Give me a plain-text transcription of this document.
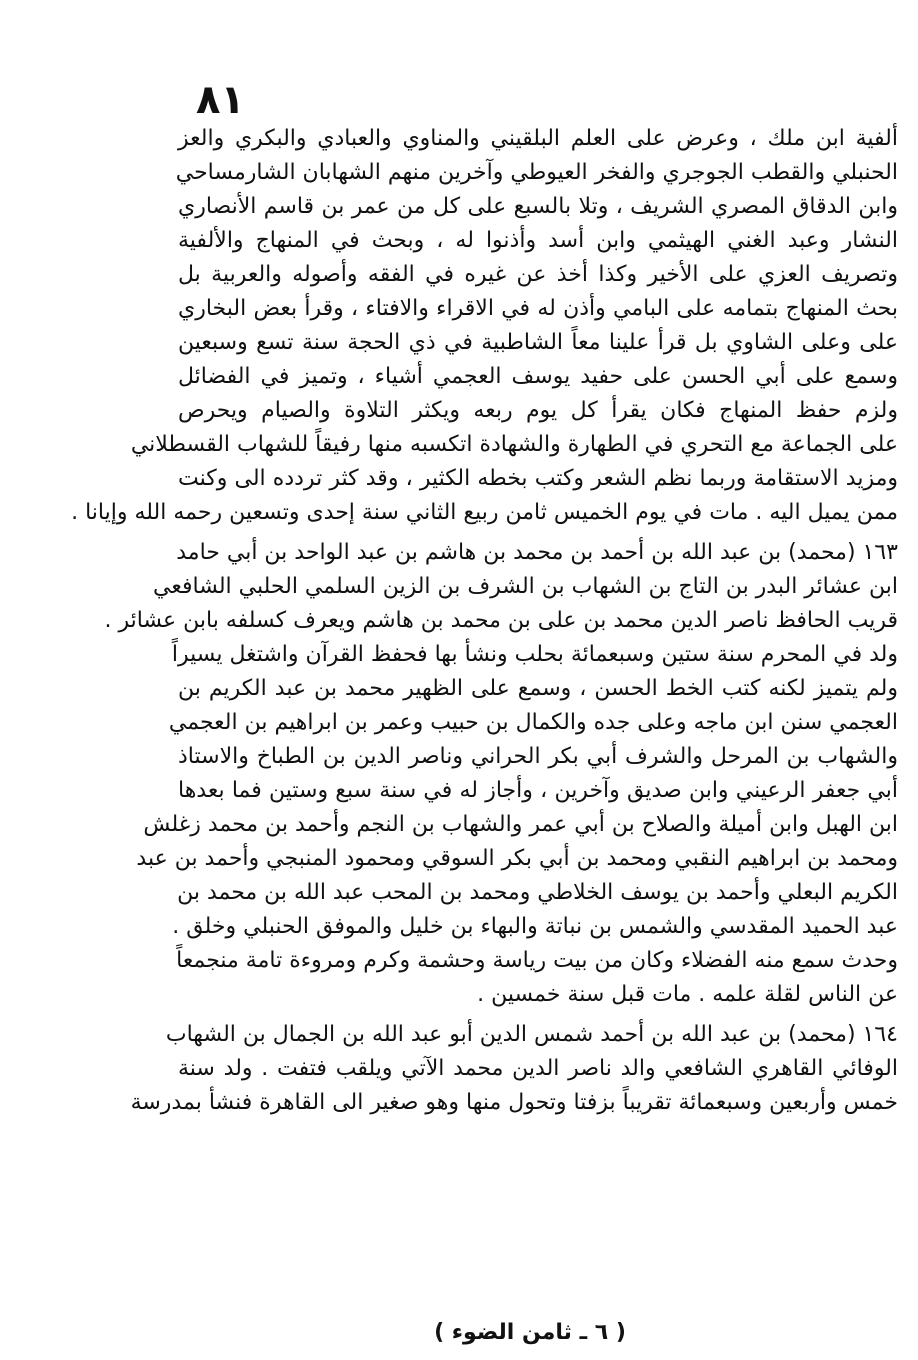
٨١
ألفية ابن ملك ، وعرض على العلم البلقيني والمناوي والعبادي والبكري والعز
الحنبلي والقطب الجوجري والفخر العيوطي وآخرين منهم الشهابان الشارمساحي
وابن الدقاق المصري الشريف ، وتلا بالسبع على كل من عمر بن قاسم الأنصاري
النشار وعبد الغني الهيثمي وابن أسد وأذنوا له ، وبحث في المنهاج والألفية
وتصريف العزي على الأخير وكذا أخذ عن غيره في الفقه وأصوله والعربية بل
بحث المنهاج بتمامه على البامي وأذن له في الاقراء والافتاء ، وقرأ بعض البخاري
على وعلى الشاوي بل قرأ علينا معاً الشاطبية في ذي الحجة سنة تسع وسبعين
وسمع على أبي الحسن على حفيد يوسف العجمي أشياء ، وتميز في الفضائل
ولزم حفظ المنهاج فكان يقرأ كل يوم ربعه ويكثر التلاوة والصيام ويحرص
على الجماعة مع التحري في الطهارة والشهادة اتكسبه منها رفيقاً للشهاب القسطلاني
ومزيد الاستقامة وربما نظم الشعر وكتب بخطه الكثير ، وقد كثر تردده الى وكنت
ممن يميل اليه . مات في يوم الخميس ثامن ربيع الثاني سنة إحدى وتسعين رحمه الله وإيانا .
١٦٣ (محمد) بن عبد الله بن أحمد بن محمد بن هاشم بن عبد الواحد بن أبي حامد
ابن عشائر البدر بن التاج بن الشهاب بن الشرف بن الزين السلمي الحلبي الشافعي
قريب الحافظ ناصر الدين محمد بن على بن محمد بن هاشم ويعرف كسلفه بابن عشائر .
ولد في المحرم سنة ستين وسبعمائة بحلب ونشأ بها فحفظ القرآن واشتغل يسيراً
ولم يتميز لكنه كتب الخط الحسن ، وسمع على الظهير محمد بن عبد الكريم بن
العجمي سنن ابن ماجه وعلى جده والكمال بن حبيب وعمر بن ابراهيم بن العجمي
والشهاب بن المرحل والشرف أبي بكر الحراني وناصر الدين بن الطباخ والاستاذ
أبي جعفر الرعيني وابن صديق وآخرين ، وأجاز له في سنة سبع وستين فما بعدها
ابن الهبل وابن أميلة والصلاح بن أبي عمر والشهاب بن النجم وأحمد بن محمد زغلش
ومحمد بن ابراهيم النقبي ومحمد بن أبي بكر السوقي ومحمود المنبجي وأحمد بن عبد
الكريم البعلي وأحمد بن يوسف الخلاطي ومحمد بن المحب عبد الله بن محمد بن
عبد الحميد المقدسي والشمس بن نباتة والبهاء بن خليل والموفق الحنبلي وخلق .
وحدث سمع منه الفضلاء وكان من بيت رياسة وحشمة وكرم ومروءة تامة منجمعاً
عن الناس لقلة علمه . مات قبل سنة خمسين .
١٦٤ (محمد) بن عبد الله بن أحمد شمس الدين أبو عبد الله بن الجمال بن الشهاب
الوفائي القاهري الشافعي والد ناصر الدين محمد الآتي ويلقب فتفت . ولد سنة
خمس وأربعين وسبعمائة تقريباً بزفتا وتحول منها وهو صغير الى القاهرة فنشأ بمدرسة
( ٦ ـ ثامن الضوء )
